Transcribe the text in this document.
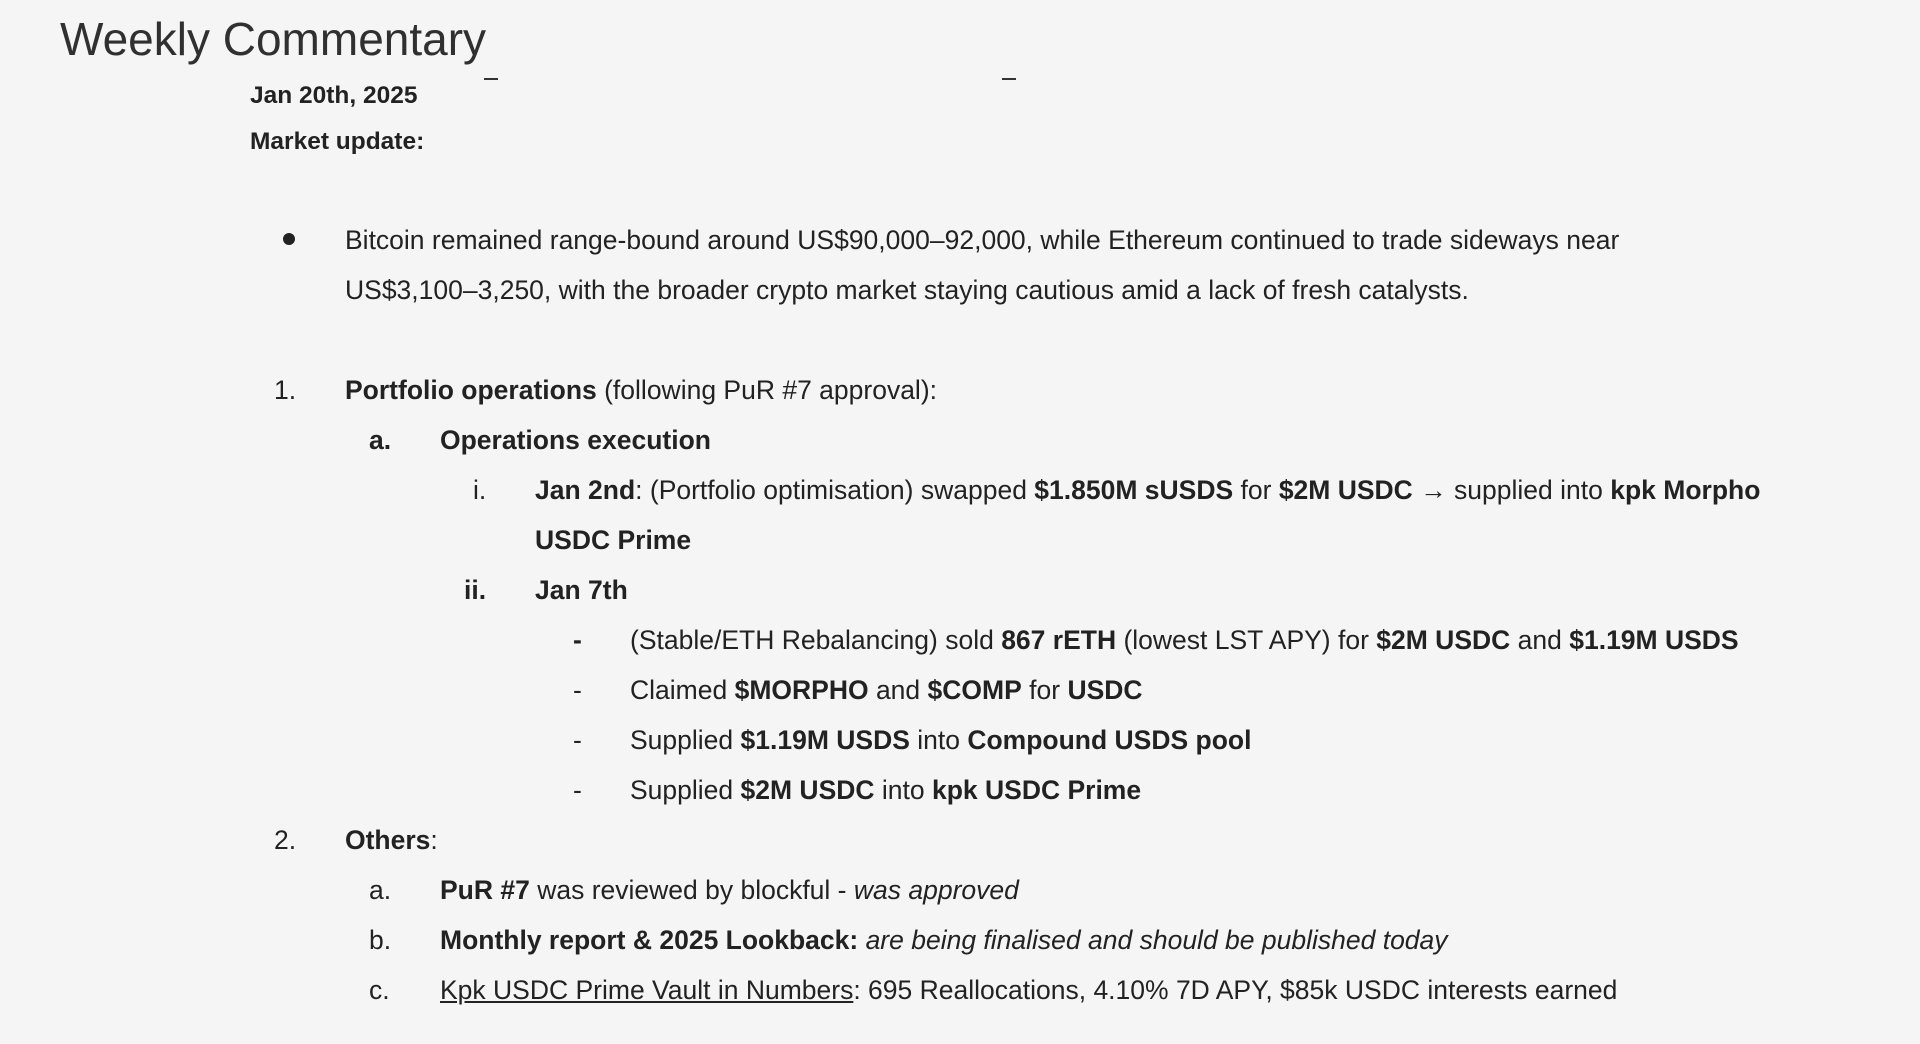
Weekly Commentary
Jan 20th, 2025
Market update:
Bitcoin remained range-bound around US$90,000–92,000, while Ethereum continued to trade sideways near
US$3,100–3,250, with the broader crypto market staying cautious amid a lack of fresh catalysts.
1. Portfolio operations (following PuR #7 approval):
a. Operations execution
i. Jan 2nd: (Portfolio optimisation) swapped $1.850M sUSDS for $2M USDC → supplied into kpk Morpho
USDC Prime
ii. Jan 7th
- (Stable/ETH Rebalancing) sold 867 rETH (lowest LST APY) for $2M USDC and $1.19M USDS
- Claimed $MORPHO and $COMP for USDC
- Supplied $1.19M USDS into Compound USDS pool
- Supplied $2M USDC into kpk USDC Prime
2. Others:
a. PuR #7 was reviewed by blockful - was approved
b. Monthly report & 2025 Lookback: are being finalised and should be published today
c. Kpk USDC Prime Vault in Numbers: 695 Reallocations, 4.10% 7D APY, $85k USDC interests earned
